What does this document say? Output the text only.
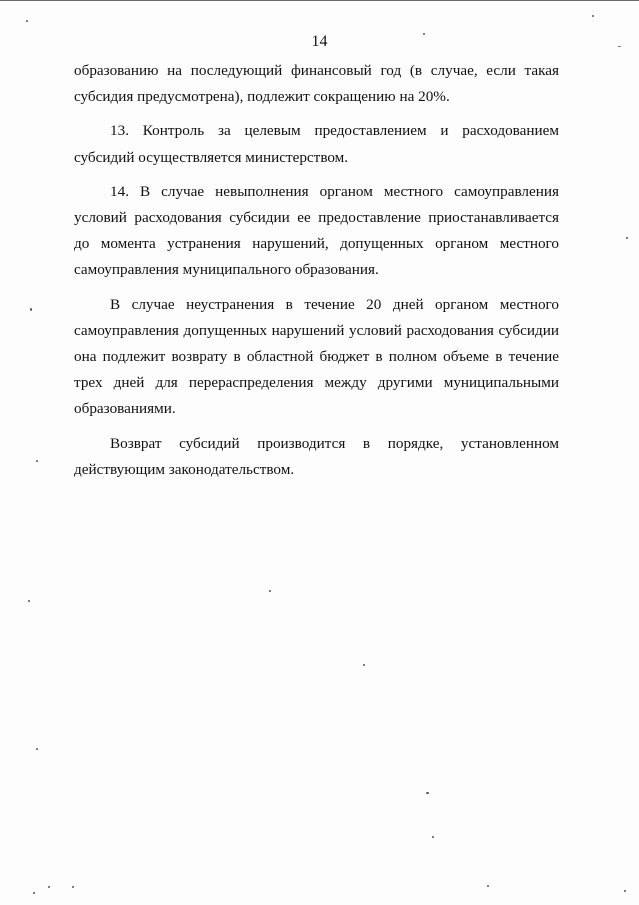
14

образованию на последующий финансовый год (в случае, если такая субсидия предусмотрена), подлежит сокращению на 20%.

13. Контроль за целевым предоставлением и расходованием субсидий осуществляется министерством.

14. В случае невыполнения органом местного самоуправления условий расходования субсидии ее предоставление приостанавливается до момента устранения нарушений, допущенных органом местного самоуправления муниципального образования.

В случае неустранения в течение 20 дней органом местного самоуправления допущенных нарушений условий расходования субсидии она подлежит возврату в областной бюджет в полном объеме в течение трех дней для перераспределения между другими муниципальными образованиями.

Возврат субсидий производится в порядке, установленном действующим законодательством.
